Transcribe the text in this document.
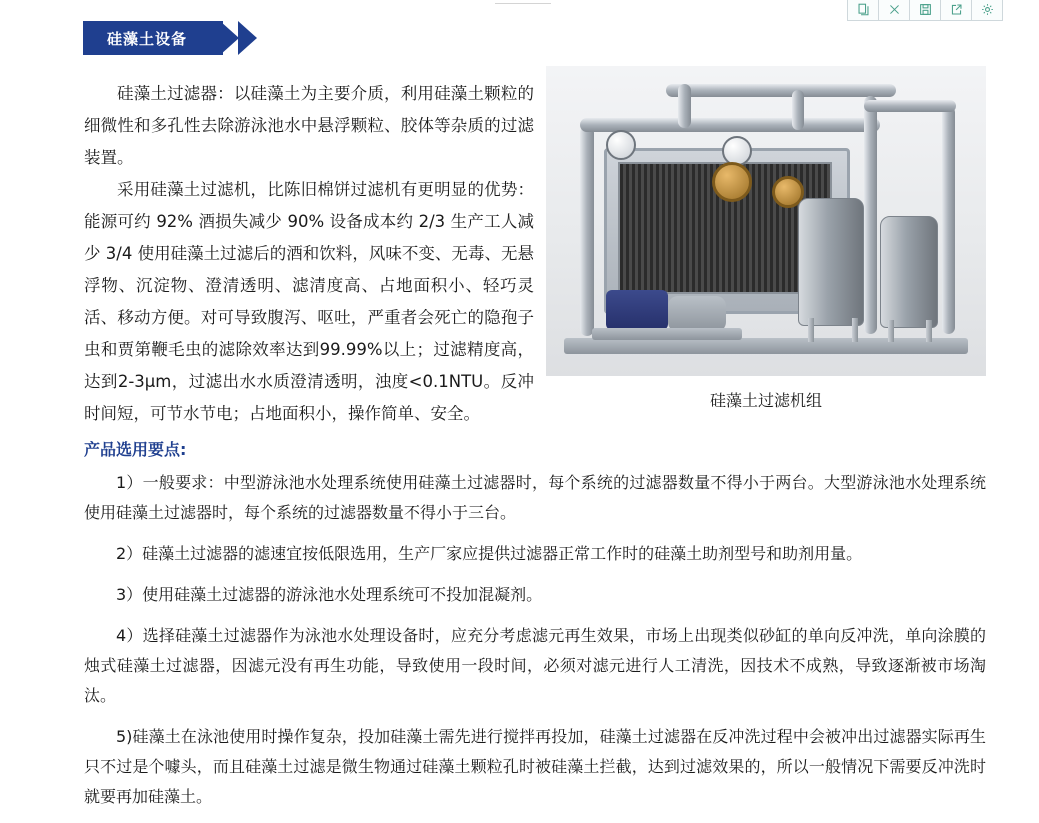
硅藻土设备

硅藻土过滤器：以硅藻土为主要介质，利用硅藻土颗粒的细微性和多孔性去除游泳池水中悬浮颗粒、胶体等杂质的过滤装置。

采用硅藻土过滤机，比陈旧棉饼过滤机有更明显的优势：能源可约 92% 酒损失减少 90% 设备成本约 2/3 生产工人减少 3/4 使用硅藻土过滤后的酒和饮料，风味不变、无毒、无悬浮物、沉淀物、澄清透明、滤清度高、占地面积小、轻巧灵活、移动方便。对可导致腹泻、呕吐，严重者会死亡的隐孢子虫和贾第鞭毛虫的滤除效率达到99.99%以上；过滤精度高，达到2-3μm，过滤出水水质澄清透明，浊度<0.1NTU。反冲时间短，可节水节电；占地面积小，操作简单、安全。

硅藻土过滤机组
产品选用要点:

1）一般要求：中型游泳池水处理系统使用硅藻土过滤器时，每个系统的过滤器数量不得小于两台。大型游泳池水处理系统使用硅藻土过滤器时，每个系统的过滤器数量不得小于三台。

2）硅藻土过滤器的滤速宜按低限选用，生产厂家应提供过滤器正常工作时的硅藻土助剂型号和助剂用量。

3）使用硅藻土过滤器的游泳池水处理系统可不投加混凝剂。

4）选择硅藻土过滤器作为泳池水处理设备时，应充分考虑滤元再生效果，市场上出现类似砂缸的单向反冲洗，单向涂膜的烛式硅藻土过滤器，因滤元没有再生功能，导致使用一段时间，必须对滤元进行人工清洗，因技术不成熟，导致逐渐被市场淘汰。

5)硅藻土在泳池使用时操作复杂，投加硅藻土需先进行搅拌再投加，硅藻土过滤器在反冲洗过程中会被冲出过滤器实际再生只不过是个噱头，而且硅藻土过滤是微生物通过硅藻土颗粒孔时被硅藻土拦截，达到过滤效果的，所以一般情况下需要反冲洗时就要再加硅藻土。
